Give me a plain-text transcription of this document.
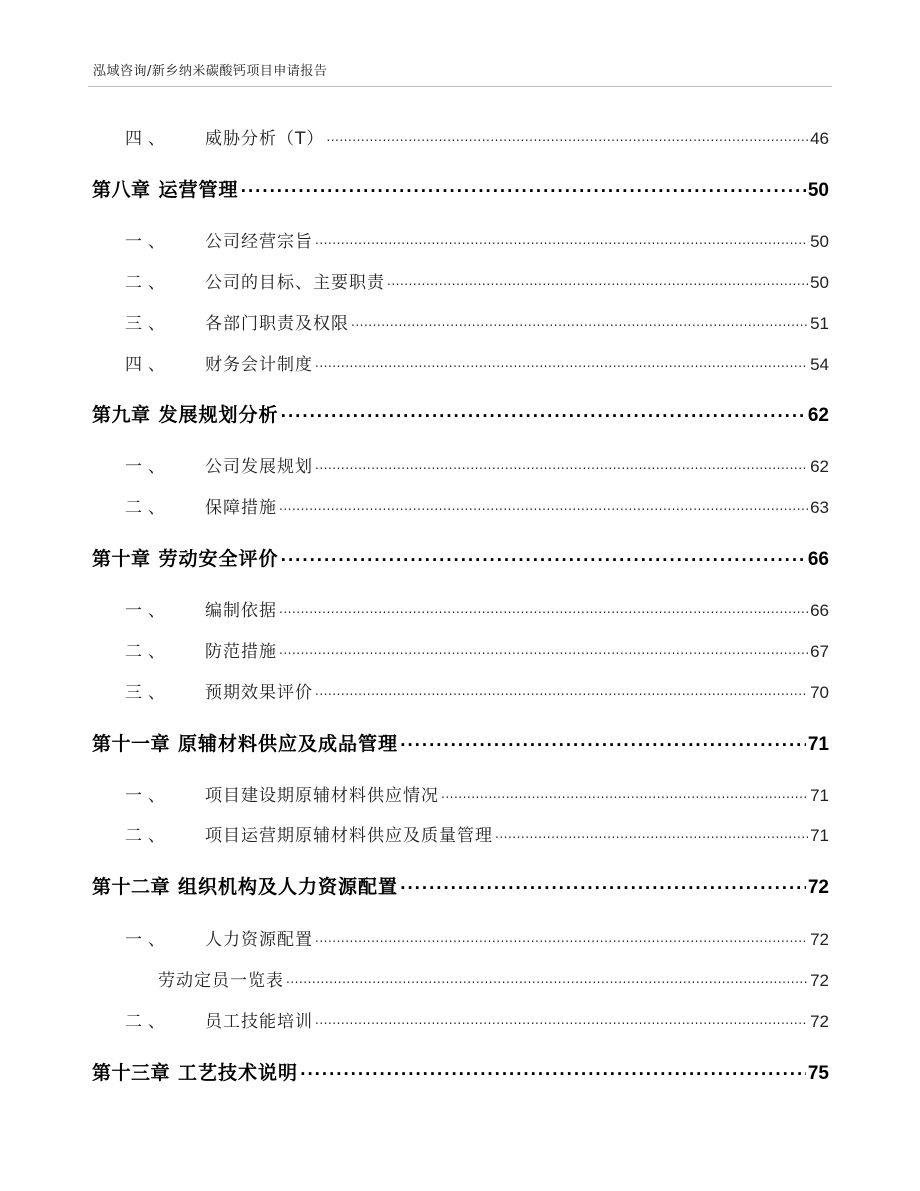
泓域咨询/新乡纳米碳酸钙项目申请报告
四、	威胁分析（T） .....	46
第八章 运营管理 .....	50
一、	公司经营宗旨 .....	50
二、	公司的目标、主要职责 .....	50
三、	各部门职责及权限 .....	51
四、	财务会计制度 .....	54
第九章 发展规划分析 .....	62
一、	公司发展规划 .....	62
二、	保障措施 .....	63
第十章 劳动安全评价 .....	66
一、	编制依据 .....	66
二、	防范措施 .....	67
三、	预期效果评价 .....	70
第十一章 原辅材料供应及成品管理 .....	71
一、	项目建设期原辅材料供应情况 .....	71
二、	项目运营期原辅材料供应及质量管理 .....	71
第十二章 组织机构及人力资源配置 .....	72
一、	人力资源配置 .....	72
劳动定员一览表 .....	72
二、	员工技能培训 .....	72
第十三章 工艺技术说明 .....	75
